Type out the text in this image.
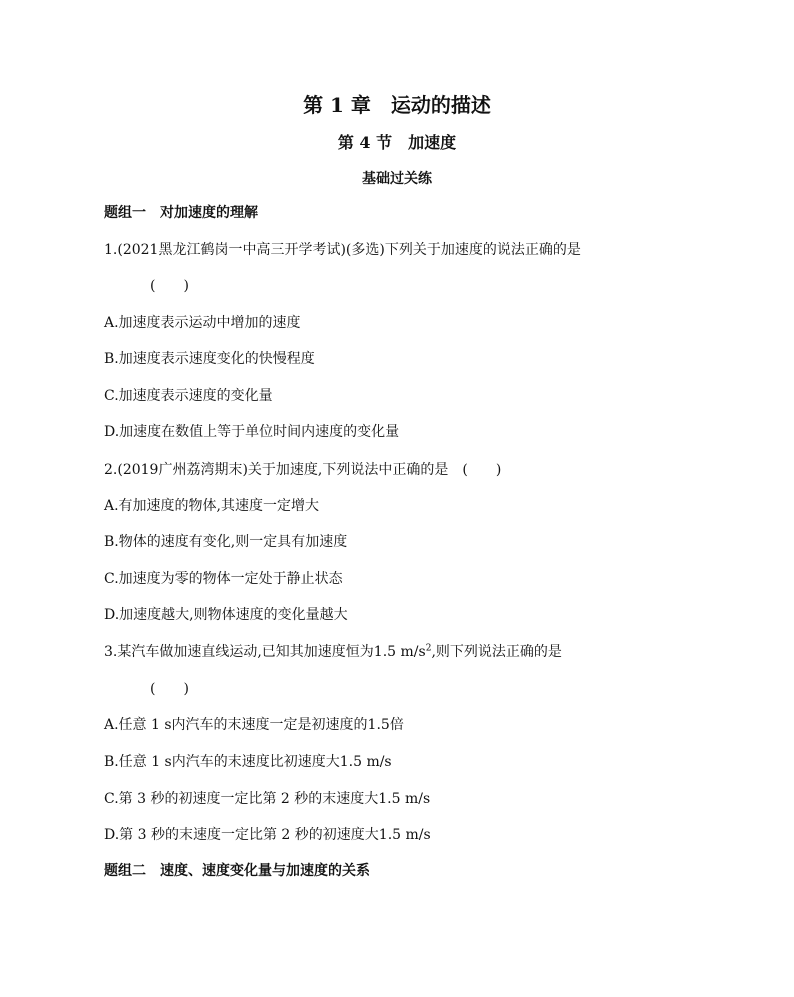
第 1 章　运动的描述
第 4 节　加速度
基础过关练
题组一　对加速度的理解
1.(2021黑龙江鹤岗一中高三开学考试)(多选)下列关于加速度的说法正确的是
(　　)
A.加速度表示运动中增加的速度
B.加速度表示速度变化的快慢程度
C.加速度表示速度的变化量
D.加速度在数值上等于单位时间内速度的变化量
2.(2019广州荔湾期末)关于加速度,下列说法中正确的是　(　　)
A.有加速度的物体,其速度一定增大
B.物体的速度有变化,则一定具有加速度
C.加速度为零的物体一定处于静止状态
D.加速度越大,则物体速度的变化量越大
3.某汽车做加速直线运动,已知其加速度恒为1.5 $m/s^2$,则下列说法正确的是
(　　)
A.任意 1 s内汽车的末速度一定是初速度的1.5倍
B.任意 1 s内汽车的末速度比初速度大1.5 m/s
C.第 3 秒的初速度一定比第 2 秒的末速度大1.5 m/s
D.第 3 秒的末速度一定比第 2 秒的初速度大1.5 m/s
题组二　速度、速度变化量与加速度的关系
